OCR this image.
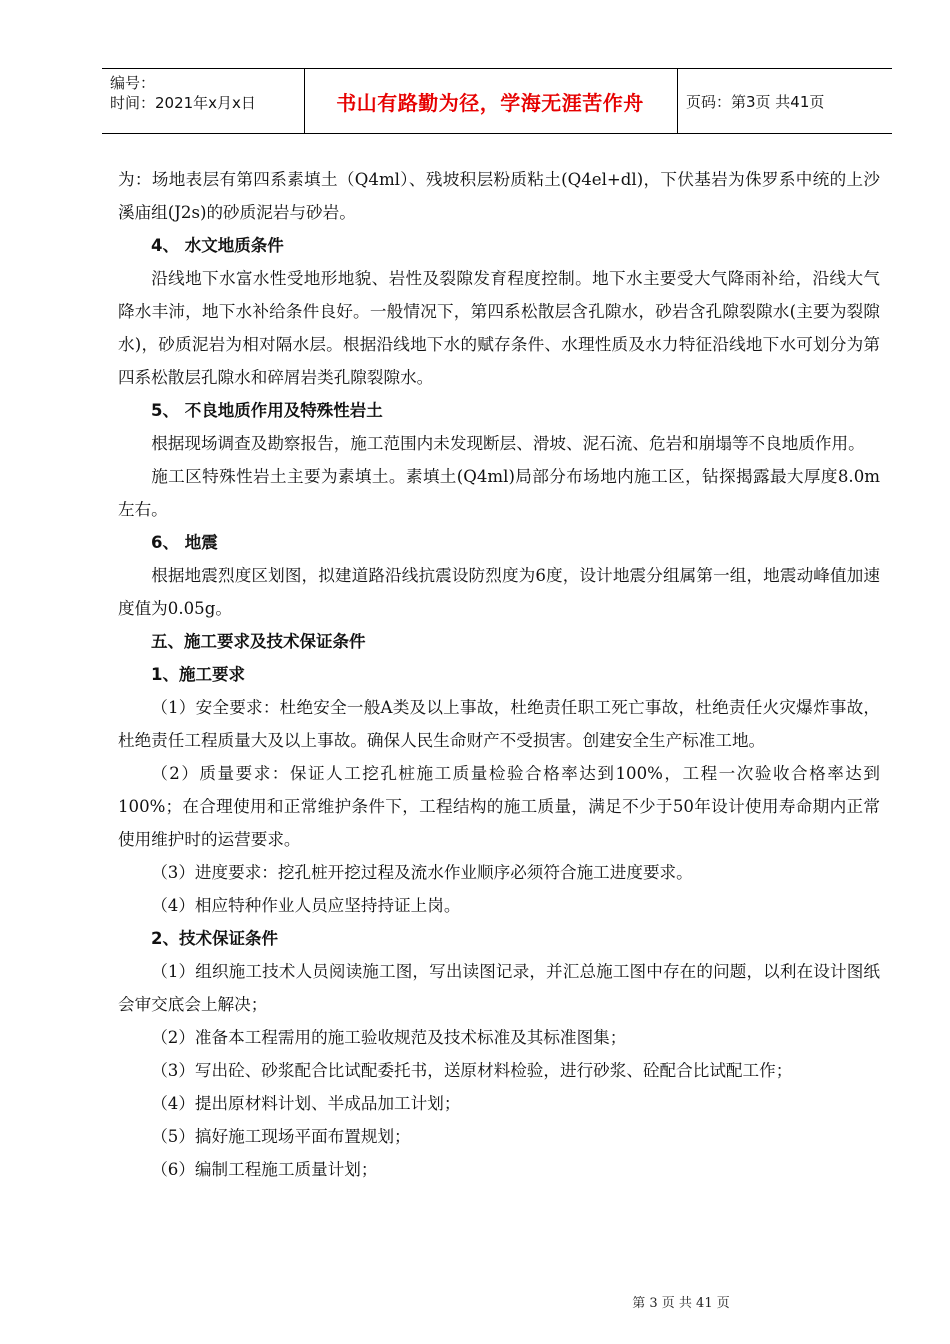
编号：
时间：2021年x月x日	书山有路勤为径，学海无涯苦作舟	页码：第3页 共41页

为：场地表层有第四系素填土（Q4ml）、残坡积层粉质粘土(Q4el+dl)，下伏基岩为侏罗系中统的上沙溪庙组(J2s)的砂质泥岩与砂岩。

4、 水文地质条件

沿线地下水富水性受地形地貌、岩性及裂隙发育程度控制。地下水主要受大气降雨补给，沿线大气降水丰沛，地下水补给条件良好。一般情况下，第四系松散层含孔隙水，砂岩含孔隙裂隙水(主要为裂隙水)，砂质泥岩为相对隔水层。根据沿线地下水的赋存条件、水理性质及水力特征沿线地下水可划分为第四系松散层孔隙水和碎屑岩类孔隙裂隙水。

5、 不良地质作用及特殊性岩土

根据现场调查及勘察报告，施工范围内未发现断层、滑坡、泥石流、危岩和崩塌等不良地质作用。

施工区特殊性岩土主要为素填土。素填土(Q4ml)局部分布场地内施工区，钻探揭露最大厚度8.0m左右。

6、 地震

根据地震烈度区划图，拟建道路沿线抗震设防烈度为6度，设计地震分组属第一组，地震动峰值加速度值为0.05g。

五、施工要求及技术保证条件

1、施工要求

（1）安全要求：杜绝安全一般A类及以上事故，杜绝责任职工死亡事故，杜绝责任火灾爆炸事故，杜绝责任工程质量大及以上事故。确保人民生命财产不受损害。创建安全生产标准工地。

（2）质量要求：保证人工挖孔桩施工质量检验合格率达到100%，工程一次验收合格率达到100%；在合理使用和正常维护条件下，工程结构的施工质量，满足不少于50年设计使用寿命期内正常使用维护时的运营要求。

（3）进度要求：挖孔桩开挖过程及流水作业顺序必须符合施工进度要求。

（4）相应特种作业人员应坚持持证上岗。

2、技术保证条件

（1）组织施工技术人员阅读施工图，写出读图记录，并汇总施工图中存在的问题，以利在设计图纸会审交底会上解决；

（2）准备本工程需用的施工验收规范及技术标准及其标准图集；

（3）写出砼、砂浆配合比试配委托书，送原材料检验，进行砂浆、砼配合比试配工作；

（4）提出原材料计划、半成品加工计划；

（5）搞好施工现场平面布置规划；

（6）编制工程施工质量计划；

第 3 页 共 41 页
